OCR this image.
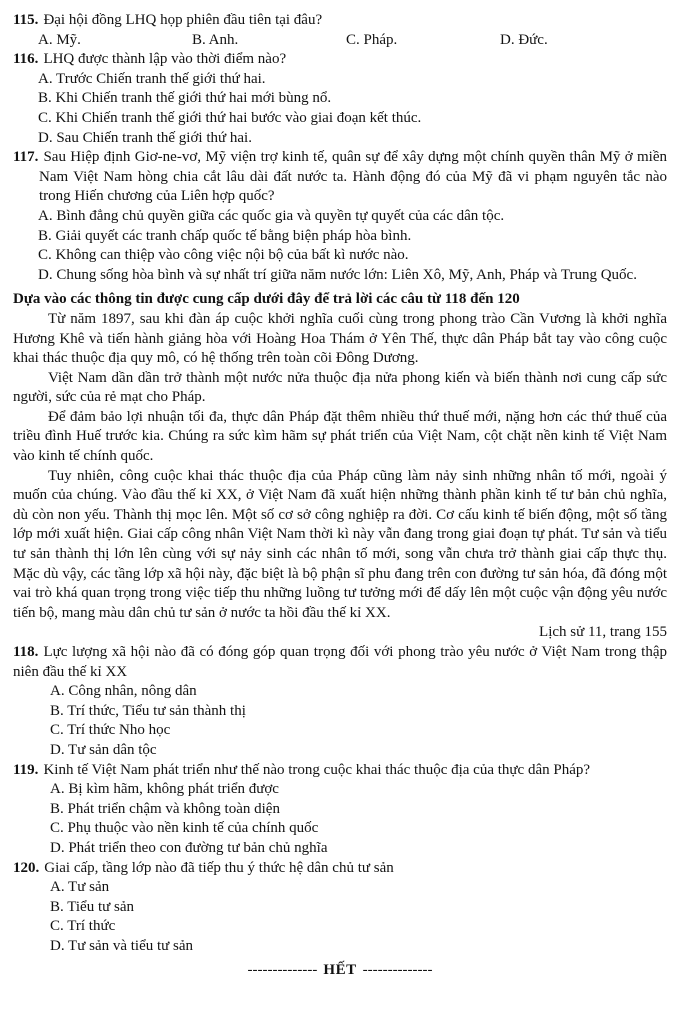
115. Đại hội đồng LHQ họp phiên đầu tiên tại đâu?
A. Mỹ.	B. Anh.	C. Pháp.	D. Đức.
116. LHQ được thành lập vào thời điểm nào?
A. Trước Chiến tranh thế giới thứ hai.
B. Khi Chiến tranh thế giới thứ hai mới bùng nổ.
C. Khi Chiến tranh thế giới thứ hai bước vào giai đoạn kết thúc.
D. Sau Chiến tranh thế giới thứ hai.
117. Sau Hiệp định Giơ-ne-vơ, Mỹ viện trợ kinh tế, quân sự để xây dựng một chính quyền thân Mỹ ở miền Nam Việt Nam hòng chia cắt lâu dài đất nước ta. Hành động đó của Mỹ đã vi phạm nguyên tắc nào trong Hiến chương của Liên hợp quốc?
A. Bình đẳng chủ quyền giữa các quốc gia và quyền tự quyết của các dân tộc.
B. Giải quyết các tranh chấp quốc tế bằng biện pháp hòa bình.
C. Không can thiệp vào công việc nội bộ của bất kì nước nào.
D. Chung sống hòa bình và sự nhất trí giữa năm nước lớn: Liên Xô, Mỹ, Anh, Pháp và Trung Quốc.
Dựa vào các thông tin được cung cấp dưới đây để trả lời các câu từ 118 đến 120
Từ năm 1897, sau khi đàn áp cuộc khởi nghĩa cuối cùng trong phong trào Cần Vương là khởi nghĩa Hương Khê và tiến hành giảng hòa với Hoàng Hoa Thám ở Yên Thế, thực dân Pháp bắt tay vào công cuộc khai thác thuộc địa quy mô, có hệ thống trên toàn cõi Đông Dương.
Việt Nam dần dần trở thành một nước nửa thuộc địa nửa phong kiến và biến thành nơi cung cấp sức người, sức của rẻ mạt cho Pháp.
Để đảm bảo lợi nhuận tối đa, thực dân Pháp đặt thêm nhiều thứ thuế mới, nặng hơn các thứ thuế của triều đình Huế trước kia. Chúng ra sức kìm hãm sự phát triển của Việt Nam, cột chặt nền kinh tế Việt Nam vào kinh tế chính quốc.
Tuy nhiên, công cuộc khai thác thuộc địa của Pháp cũng làm nảy sinh những nhân tố mới, ngoài ý muốn của chúng. Vào đầu thế kỉ XX, ở Việt Nam đã xuất hiện những thành phần kinh tế tư bản chủ nghĩa, dù còn non yếu. Thành thị mọc lên. Một số cơ sở công nghiệp ra đời. Cơ cấu kinh tế biến động, một số tầng lớp mới xuất hiện. Giai cấp công nhân Việt Nam thời kì này vẫn đang trong giai đoạn tự phát. Tư sản và tiểu tư sản thành thị lớn lên cùng với sự nảy sinh các nhân tố mới, song vẫn chưa trở thành giai cấp thực thụ. Mặc dù vậy, các tầng lớp xã hội này, đặc biệt là bộ phận sĩ phu đang trên con đường tư sản hóa, đã đóng một vai trò khá quan trọng trong việc tiếp thu những luồng tư tưởng mới để dấy lên một cuộc vận động yêu nước tiến bộ, mang màu dân chủ tư sản ở nước ta hồi đầu thế kỉ XX.
Lịch sử 11, trang 155
118. Lực lượng xã hội nào đã có đóng góp quan trọng đối với phong trào yêu nước ở Việt Nam trong thập niên đầu thế kỉ XX
A. Công nhân, nông dân
B. Trí thức, Tiểu tư sản thành thị
C. Trí thức Nho học
D. Tư sản dân tộc
119. Kinh tế Việt Nam phát triển như thế nào trong cuộc khai thác thuộc địa của thực dân Pháp?
A. Bị kìm hãm, không phát triển được
B. Phát triển chậm và không toàn diện
C. Phụ thuộc vào nền kinh tế của chính quốc
D. Phát triển theo con đường tư bản chủ nghĩa
120. Giai cấp, tầng lớp nào đã tiếp thu ý thức hệ dân chủ tư sản
A. Tư sản
B. Tiểu tư sản
C. Trí thức
D. Tư sản và tiểu tư sản
-------------- HẾT --------------
